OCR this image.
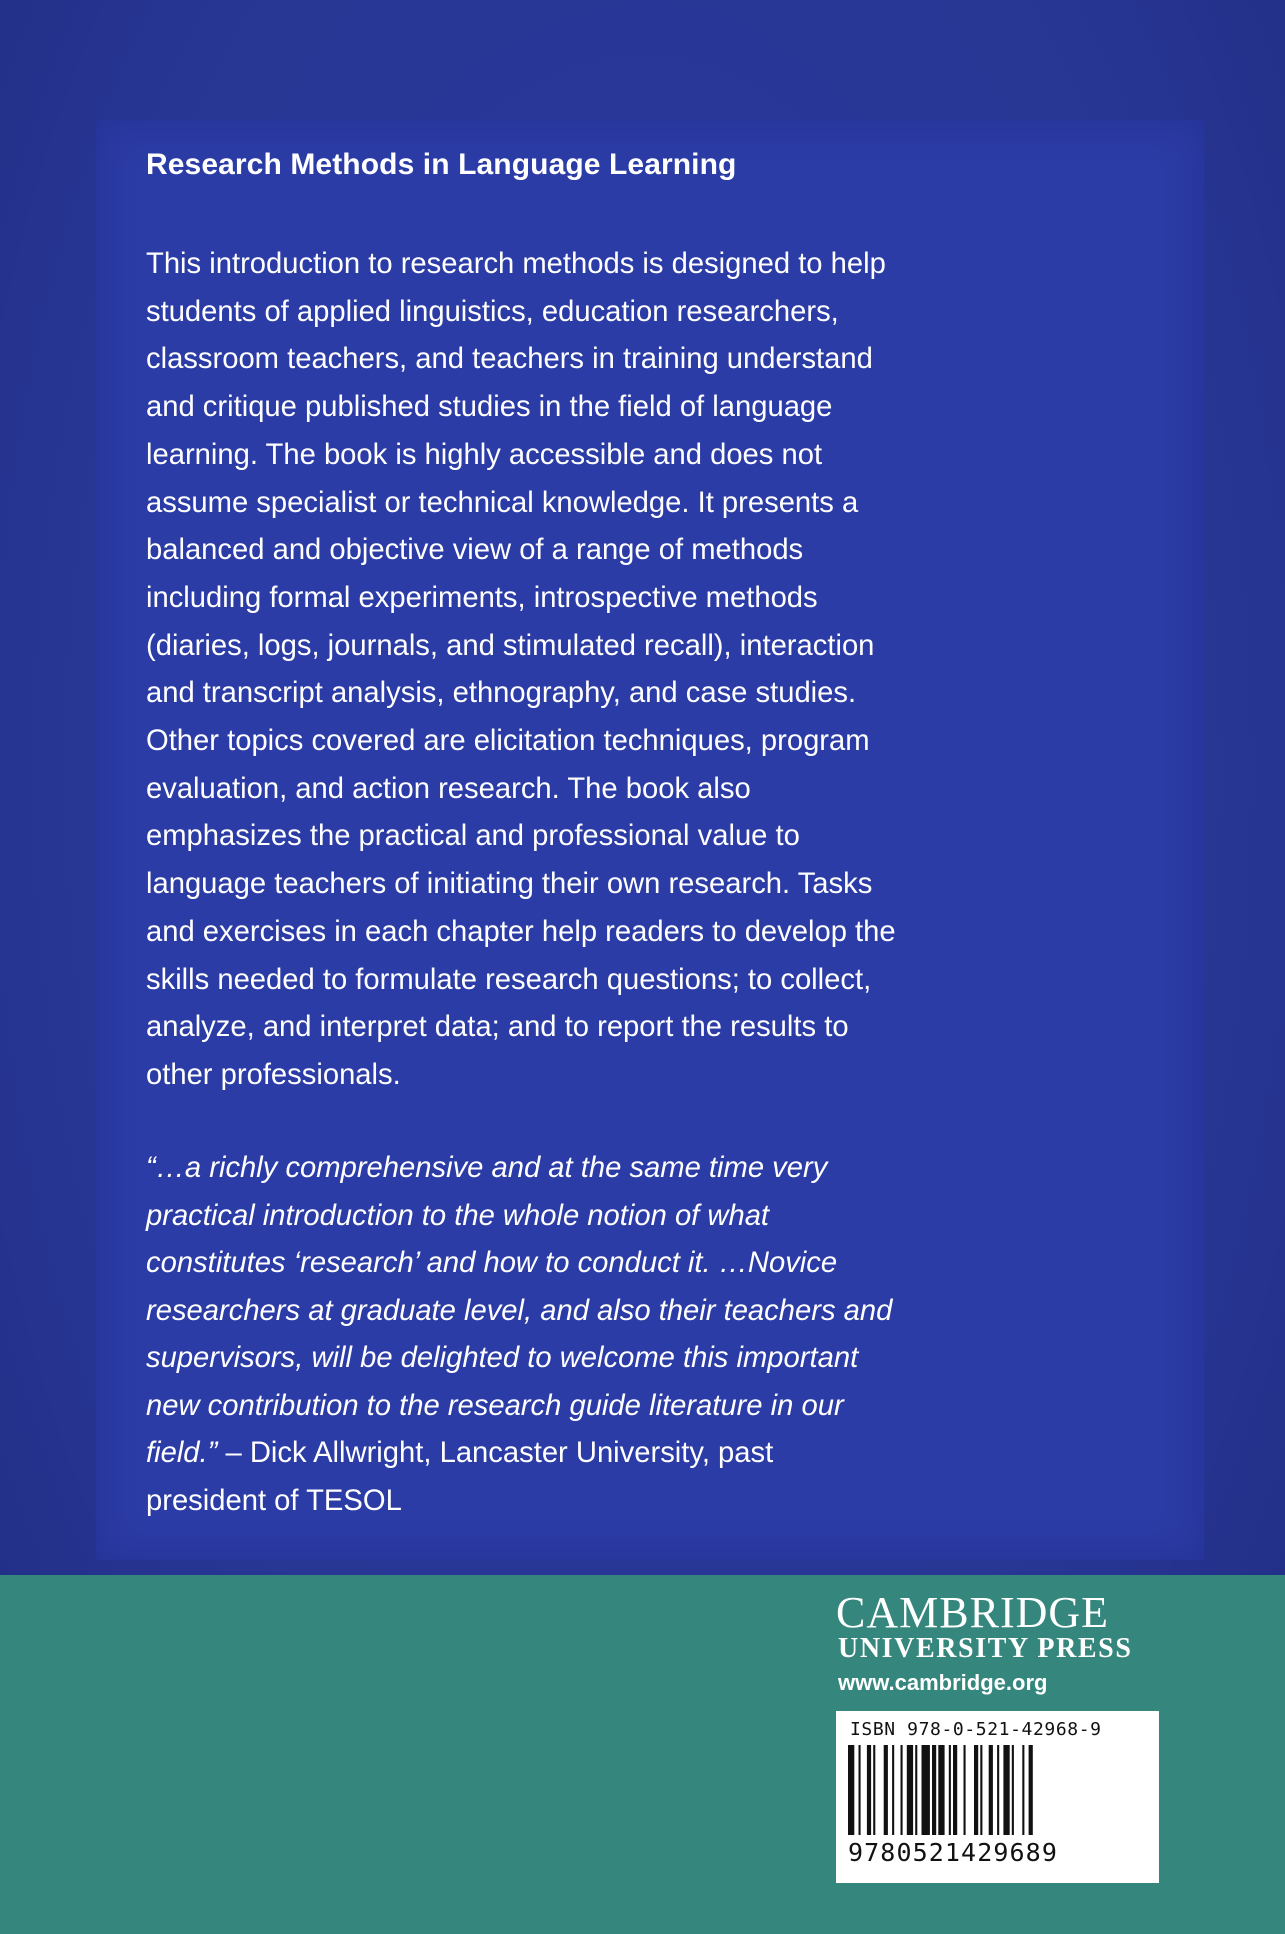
Research Methods in Language Learning
This introduction to research methods is designed to help
students of applied linguistics, education researchers,
classroom teachers, and teachers in training understand
and critique published studies in the field of language
learning. The book is highly accessible and does not
assume specialist or technical knowledge. It presents a
balanced and objective view of a range of methods
including formal experiments, introspective methods
(diaries, logs, journals, and stimulated recall), interaction
and transcript analysis, ethnography, and case studies.
Other topics covered are elicitation techniques, program
evaluation, and action research. The book also
emphasizes the practical and professional value to
language teachers of initiating their own research. Tasks
and exercises in each chapter help readers to develop the
skills needed to formulate research questions; to collect,
analyze, and interpret data; and to report the results to
other professionals.
“…a richly comprehensive and at the same time very
practical introduction to the whole notion of what
constitutes ‘research’ and how to conduct it. …Novice
researchers at graduate level, and also their teachers and
supervisors, will be delighted to welcome this important
new contribution to the research guide literature in our
field.” – Dick Allwright, Lancaster University, past
president of TESOL
CAMBRIDGE
UNIVERSITY PRESS
www.cambridge.org
ISBN 978-0-521-42968-9
9780521429689
